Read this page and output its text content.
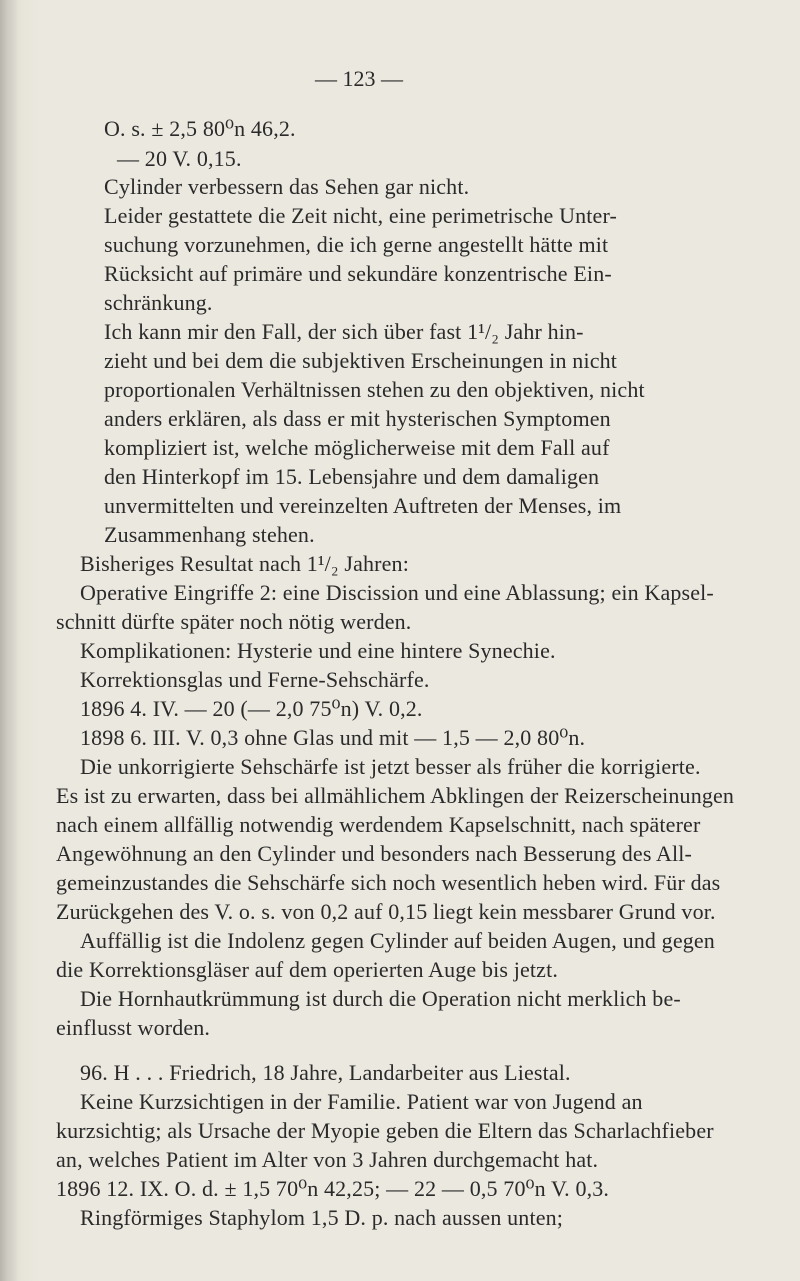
— 123 —
O. s. ± 2,5 80⁰n 46,2.
— 20 V. 0,15.
Cylinder verbessern das Sehen gar nicht.
Leider gestattete die Zeit nicht, eine perimetrische Unter-
suchung vorzunehmen, die ich gerne angestellt hätte mit
Rücksicht auf primäre und sekundäre konzentrische Ein-
schränkung.
Ich kann mir den Fall, der sich über fast 1¹/₂ Jahr hin-
zieht und bei dem die subjektiven Erscheinungen in nicht
proportionalen Verhältnissen stehen zu den objektiven, nicht
anders erklären, als dass er mit hysterischen Symptomen
kompliziert ist, welche möglicherweise mit dem Fall auf
den Hinterkopf im 15. Lebensjahre und dem damaligen
unvermittelten und vereinzelten Auftreten der Menses, im
Zusammenhang stehen.
Bisheriges Resultat nach 1¹/₂ Jahren:
Operative Eingriffe 2: eine Discission und eine Ablassung; ein Kapsel-
schnitt dürfte später noch nötig werden.
Komplikationen: Hysterie und eine hintere Synechie.
Korrektionsglas und Ferne-Sehschärfe.
1896 4. IV. — 20 (— 2,0 75⁰n) V. 0,2.
1898 6. III. V. 0,3 ohne Glas und mit — 1,5 — 2,0 80⁰n.
Die unkorrigierte Sehschärfe ist jetzt besser als früher die korrigierte.
Es ist zu erwarten, dass bei allmählichem Abklingen der Reizerscheinungen
nach einem allfällig notwendig werdendem Kapselschnitt, nach späterer
Angewöhnung an den Cylinder und besonders nach Besserung des All-
gemeinzustandes die Sehschärfe sich noch wesentlich heben wird. Für das
Zurückgehen des V. o. s. von 0,2 auf 0,15 liegt kein messbarer Grund vor.
Auffällig ist die Indolenz gegen Cylinder auf beiden Augen, und gegen
die Korrektionsgläser auf dem operierten Auge bis jetzt.
Die Hornhautkrümmung ist durch die Operation nicht merklich be-
einflusst worden.
96. H . . . Friedrich, 18 Jahre, Landarbeiter aus Liestal.
Keine Kurzsichtigen in der Familie. Patient war von Jugend an
kurzsichtig; als Ursache der Myopie geben die Eltern das Scharlachfieber
an, welches Patient im Alter von 3 Jahren durchgemacht hat.
1896 12. IX. O. d. ± 1,5 70⁰n 42,25; — 22 — 0,5 70⁰n V. 0,3.
Ringförmiges Staphylom 1,5 D. p. nach aussen unten;
